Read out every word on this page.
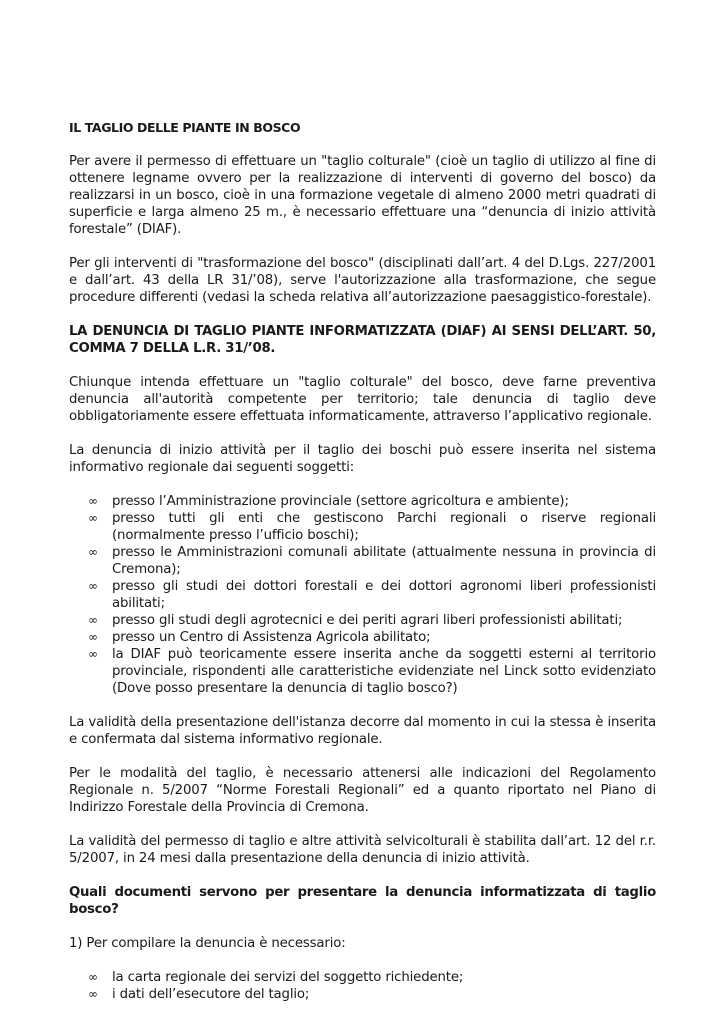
IL TAGLIO DELLE PIANTE IN BOSCO

Per avere il permesso di effettuare un "taglio colturale" (cioè un taglio di utilizzo al fine di ottenere legname ovvero per la realizzazione di interventi di governo del bosco) da realizzarsi in un bosco, cioè in una formazione vegetale di almeno 2000 metri quadrati di superficie e larga almeno 25 m., è necessario effettuare una “denuncia di inizio attività forestale” (DIAF).

Per gli interventi di "trasformazione del bosco" (disciplinati dall’art. 4 del D.Lgs. 227/2001 e dall’art. 43 della LR 31/’08), serve l'autorizzazione alla trasformazione, che segue procedure differenti (vedasi la scheda relativa all’autorizzazione paesaggistico-forestale).

LA DENUNCIA DI TAGLIO PIANTE INFORMATIZZATA (DIAF) AI SENSI DELL’ART. 50, COMMA 7 DELLA L.R. 31/’08.

Chiunque intenda effettuare un "taglio colturale" del bosco, deve farne preventiva denuncia all'autorità competente per territorio; tale denuncia di taglio deve obbligatoriamente essere effettuata informaticamente, attraverso l’applicativo regionale.

La denuncia di inizio attività per il taglio dei boschi può essere inserita nel sistema informativo regionale dai seguenti soggetti:

∞ presso l’Amministrazione provinciale (settore agricoltura e ambiente);
∞ presso tutti gli enti che gestiscono Parchi regionali o riserve regionali (normalmente presso l’ufficio boschi);
∞ presso le Amministrazioni comunali abilitate (attualmente nessuna in provincia di Cremona);
∞ presso gli studi dei dottori forestali e dei dottori agronomi liberi professionisti abilitati;
∞ presso gli studi degli agrotecnici e dei periti agrari liberi professionisti abilitati;
∞ presso un Centro di Assistenza Agricola abilitato;
∞ la DIAF può teoricamente essere inserita anche da soggetti esterni al territorio provinciale, rispondenti alle caratteristiche evidenziate nel Linck sotto evidenziato (Dove posso presentare la denuncia di taglio bosco?)

La validità della presentazione dell'istanza decorre dal momento in cui la stessa è inserita e confermata dal sistema informativo regionale.

Per le modalità del taglio, è necessario attenersi alle indicazioni del Regolamento Regionale n. 5/2007 “Norme Forestali Regionali” ed a quanto riportato nel Piano di Indirizzo Forestale della Provincia di Cremona.

La validità del permesso di taglio e altre attività selvicolturali è stabilita dall’art. 12 del r.r. 5/2007, in 24 mesi dalla presentazione della denuncia di inizio attività.

Quali documenti servono per presentare la denuncia informatizzata di taglio bosco?

1) Per compilare la denuncia è necessario:

∞ la carta regionale dei servizi del soggetto richiedente;
∞ i dati dell’esecutore del taglio;
